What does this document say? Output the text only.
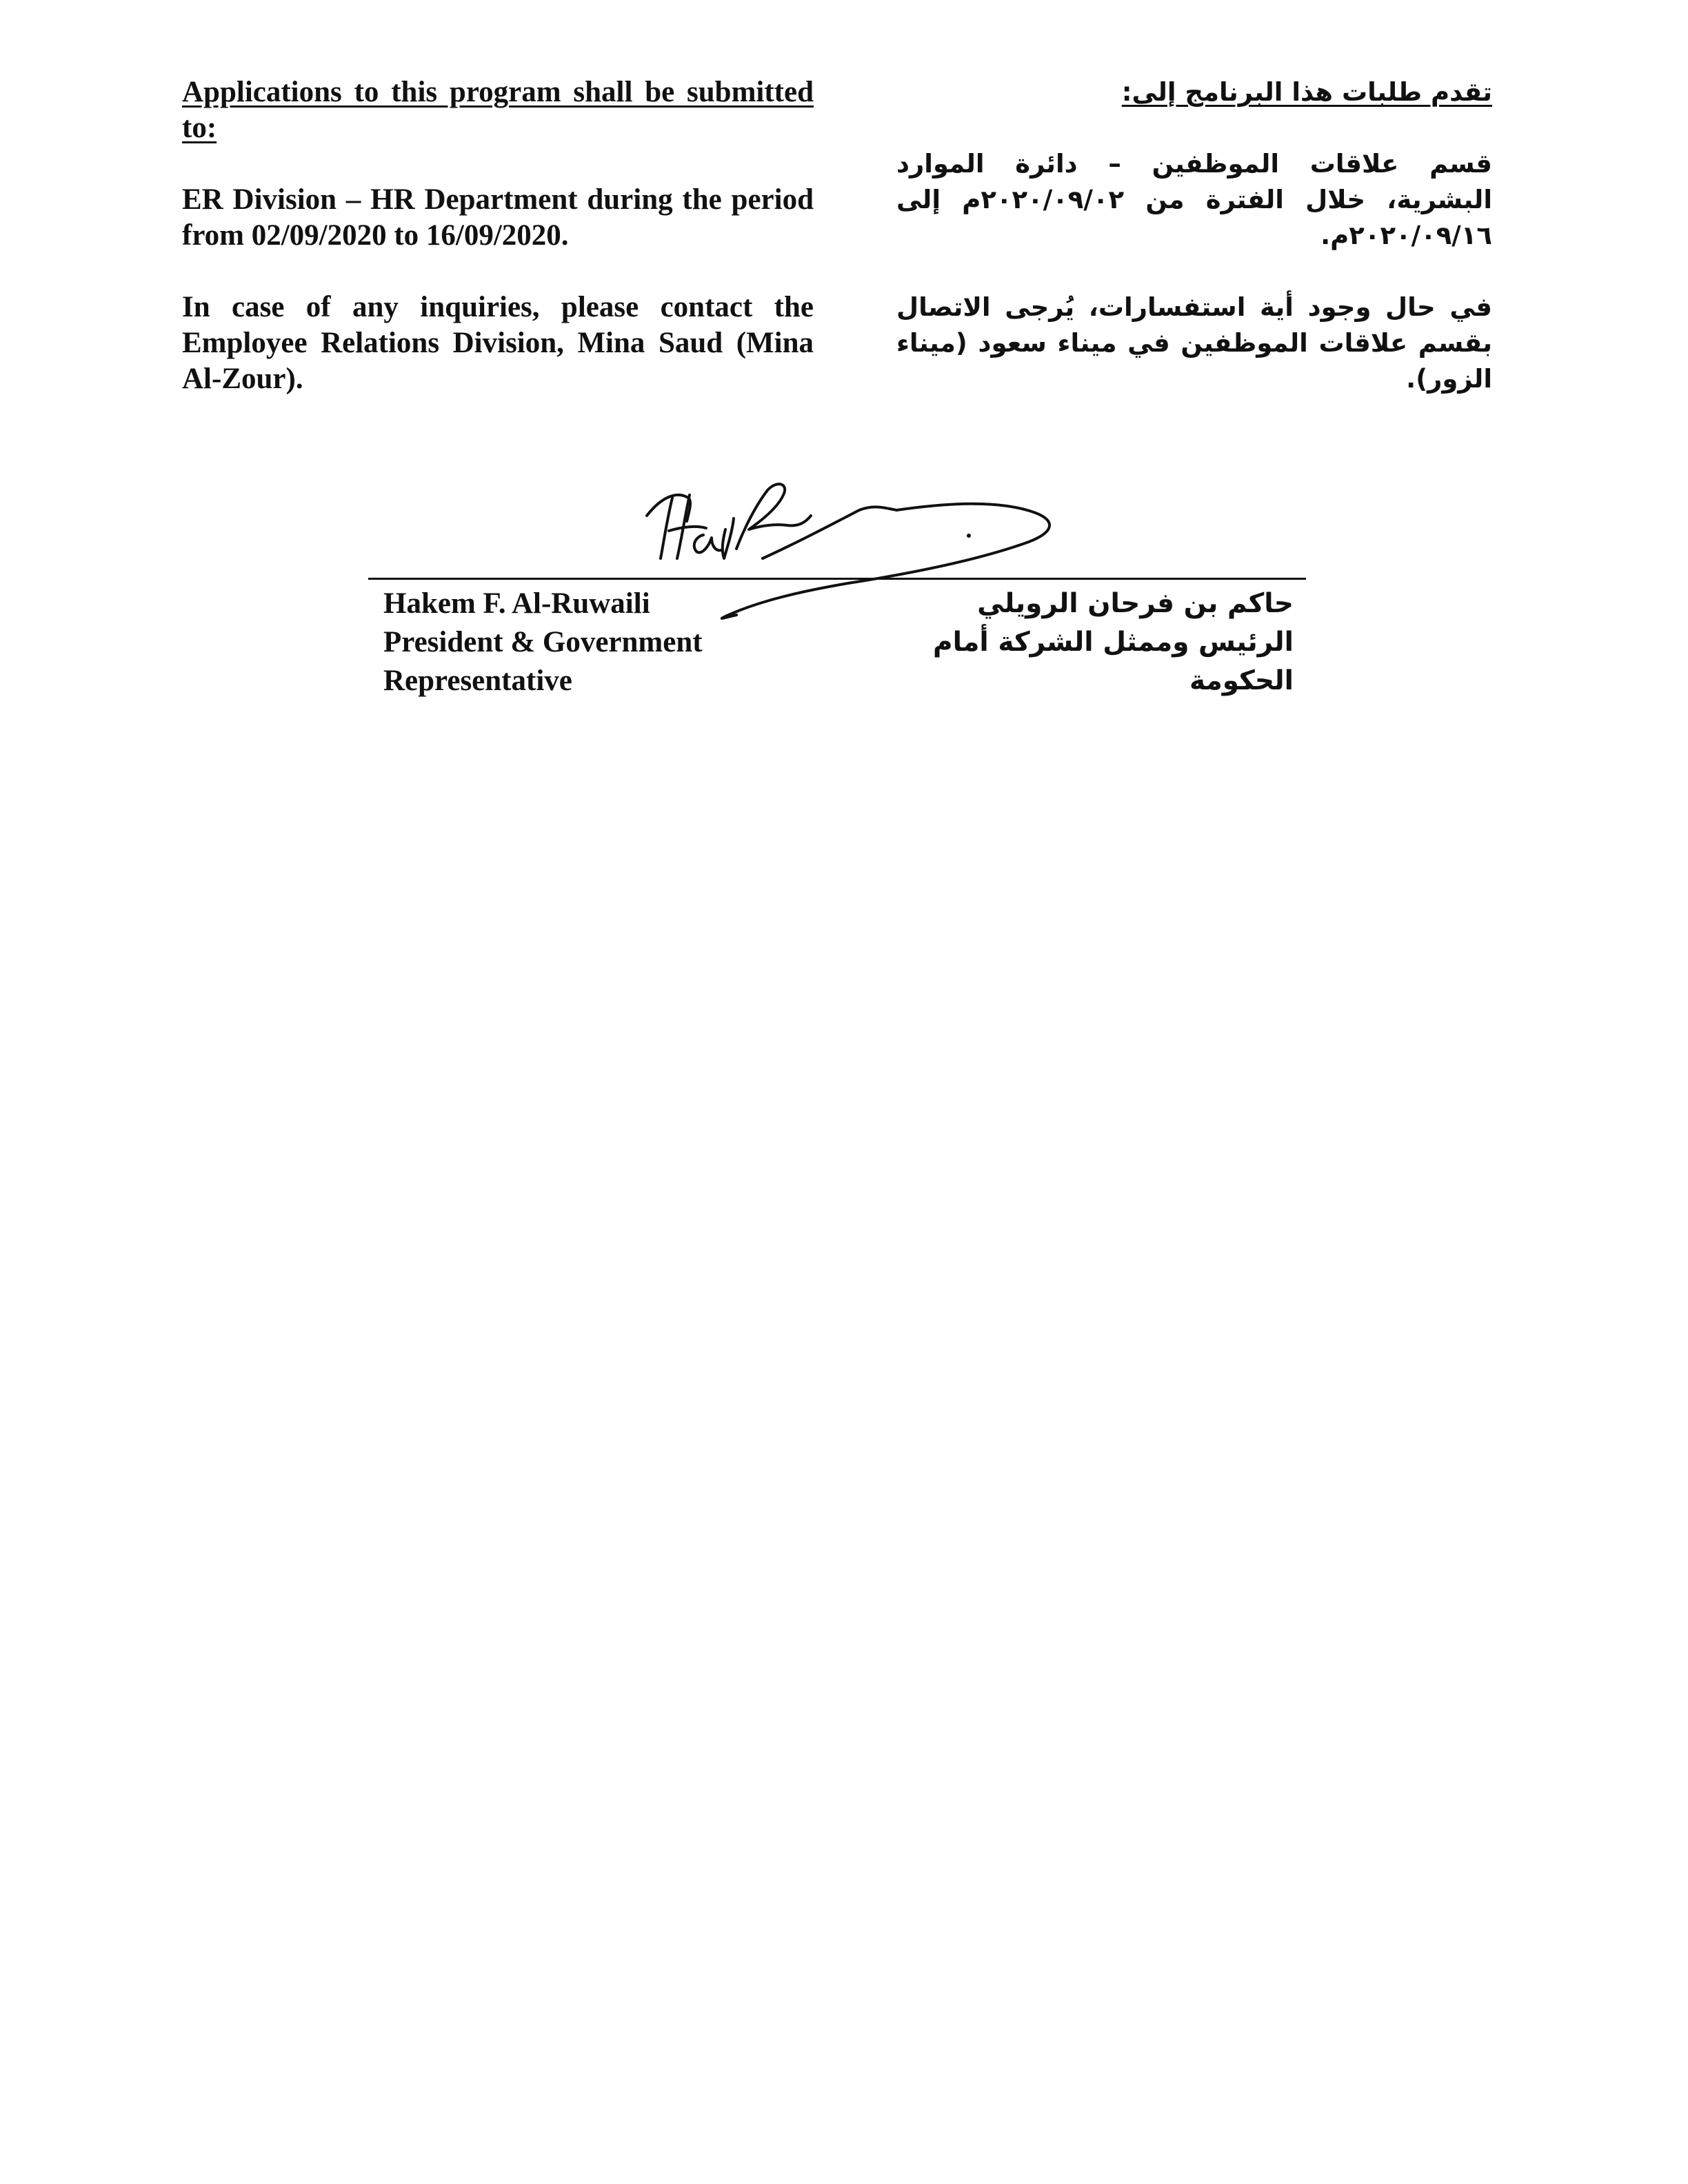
Applications to this program shall be submitted to:

ER Division – HR Department during the period from 02/09/2020 to 16/09/2020.

In case of any inquiries, please contact the Employee Relations Division, Mina Saud (Mina Al-Zour).

تقدم طلبات هذا البرنامج إلى:

قسم علاقات الموظفين – دائرة الموارد البشرية، خلال الفترة من ٢٠٢٠/٠٩/٠٢م إلى ٢٠٢٠/٠٩/١٦م.

في حال وجود أية استفسارات، يُرجى الاتصال بقسم علاقات الموظفين في ميناء سعود (ميناء الزور).

Hakem F. Al-Ruwaili
President & Government
Representative
حاكم بن فرحان الرويلي
الرئيس وممثل الشركة أمام
الحكومة
